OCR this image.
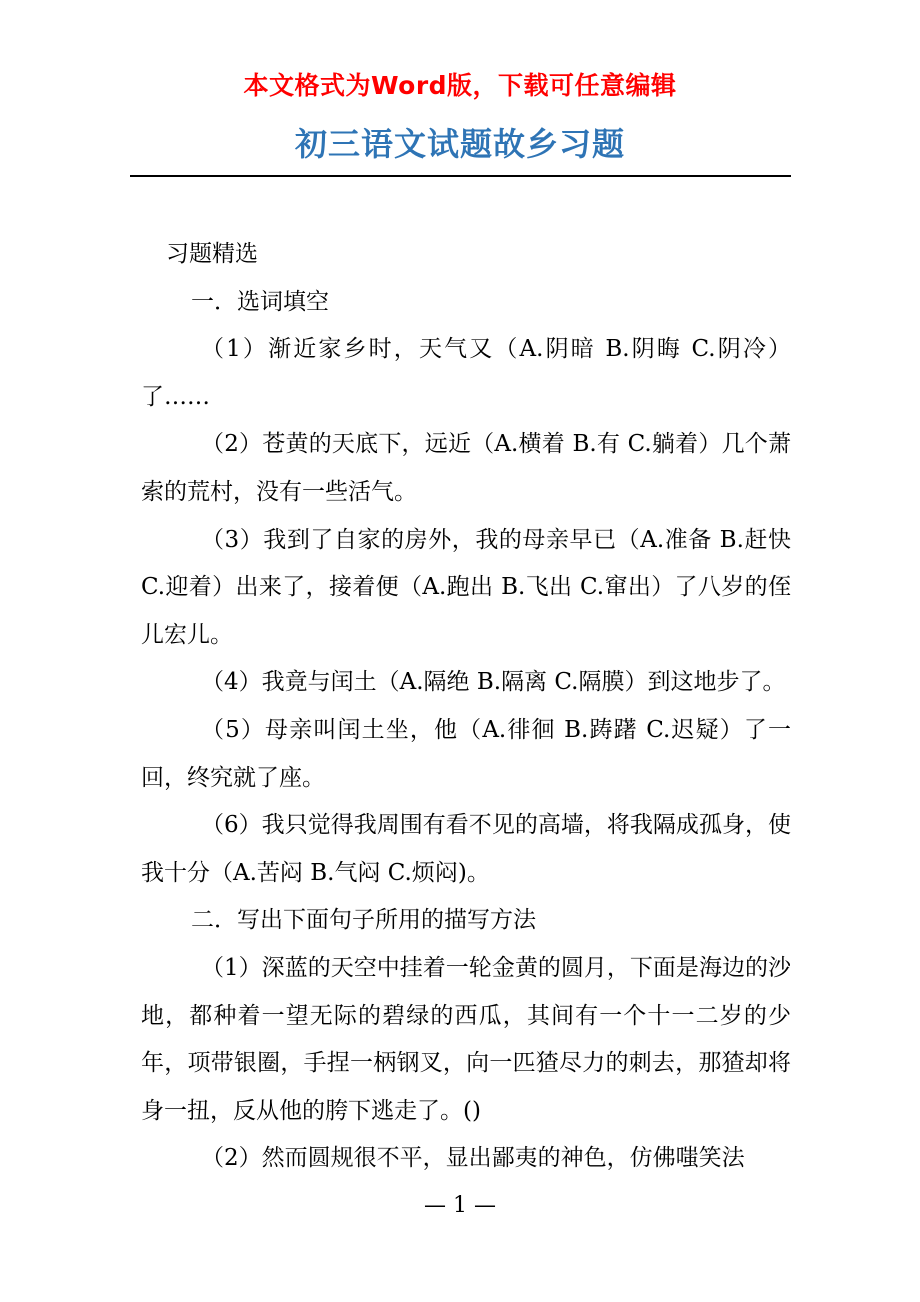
本文格式为Word版，下载可任意编辑
初三语文试题故乡习题

习题精选

一．选词填空

（1）渐近家乡时，天气又（A.阴暗 B.阴晦 C.阴冷）了……

（2）苍黄的天底下，远近（A.横着 B.有 C.躺着）几个萧索的荒村，没有一些活气。

（3）我到了自家的房外，我的母亲早已（A.准备 B.赶快 C.迎着）出来了，接着便（A.跑出 B.飞出 C.窜出）了八岁的侄儿宏儿。

（4）我竟与闰土（A.隔绝 B.隔离 C.隔膜）到这地步了。

（5）母亲叫闰土坐，他（A.徘徊 B.踌躇 C.迟疑）了一回，终究就了座。

（6）我只觉得我周围有看不见的高墙，将我隔成孤身，使我十分（A.苦闷 B.气闷 C.烦闷)。

二．写出下面句子所用的描写方法

（1）深蓝的天空中挂着一轮金黄的圆月，下面是海边的沙地，都种着一望无际的碧绿的西瓜，其间有一个十一二岁的少年，项带银圈，手捏一柄钢叉，向一匹猹尽力的刺去，那猹却将身一扭，反从他的胯下逃走了。()

（2）然而圆规很不平，显出鄙夷的神色，仿佛嗤笑法

— 1 —
